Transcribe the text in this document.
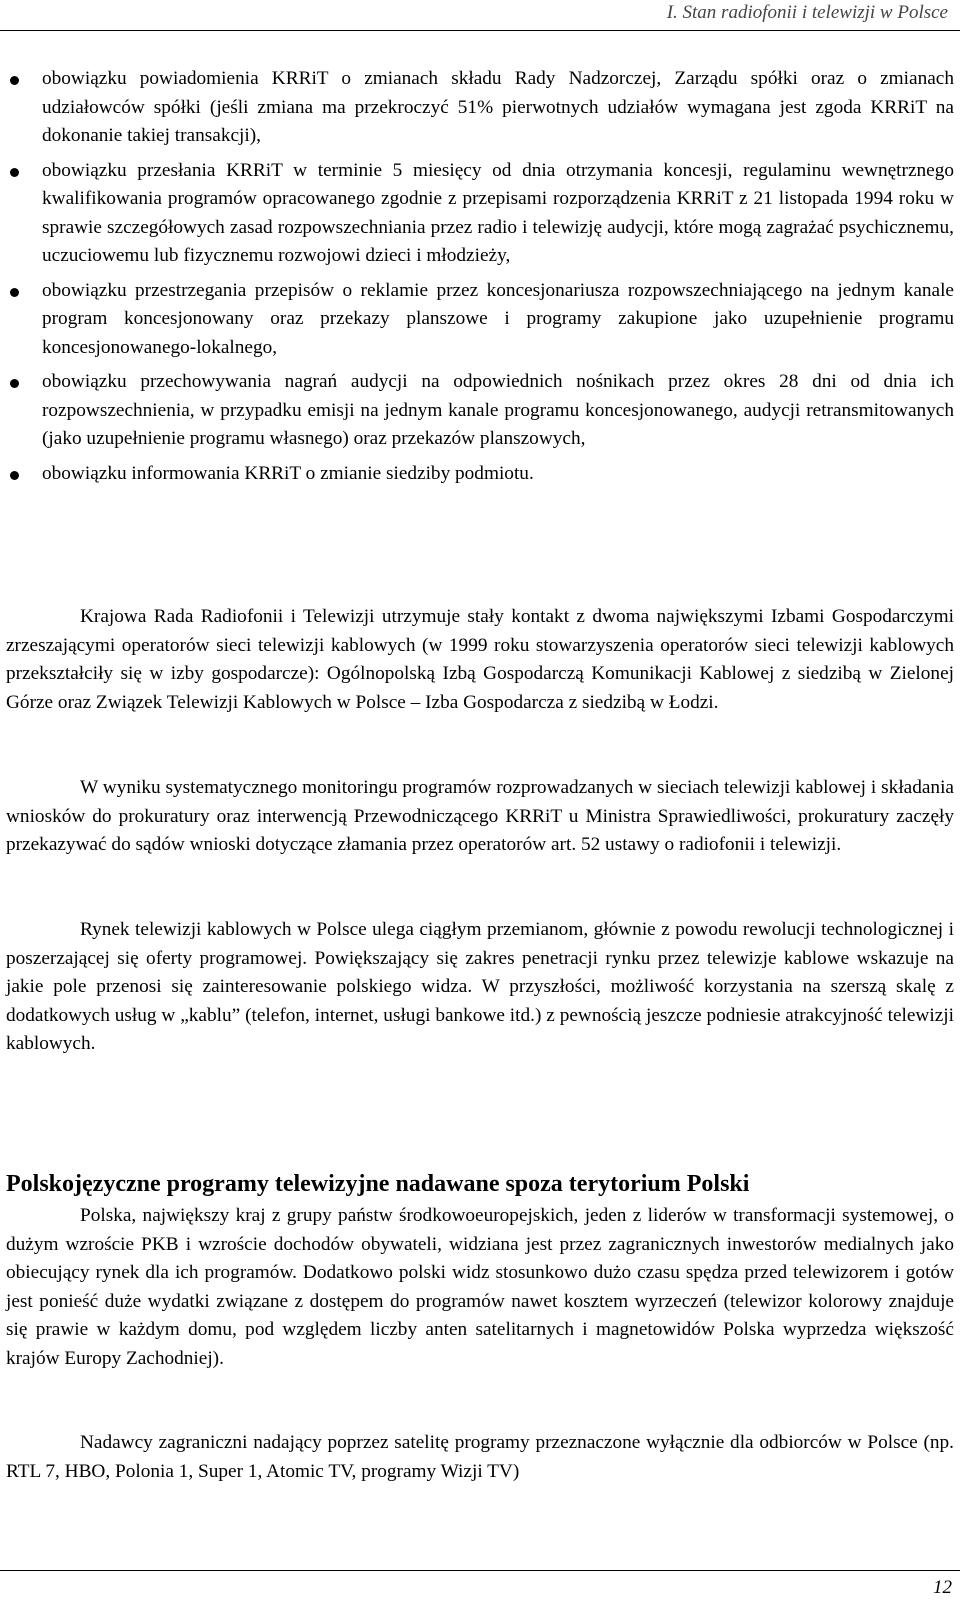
I. Stan radiofonii i telewizji w Polsce
obowiązku powiadomienia KRRiT o zmianach składu Rady Nadzorczej, Zarządu spółki oraz o zmianach udziałowców spółki (jeśli zmiana ma przekroczyć 51% pierwotnych udziałów wymagana jest zgoda KRRiT na dokonanie takiej transakcji),
obowiązku przesłania KRRiT w terminie 5 miesięcy od dnia otrzymania koncesji, regulaminu wewnętrznego kwalifikowania programów opracowanego zgodnie z przepisami rozporządzenia KRRiT z 21 listopada 1994 roku w sprawie szczegółowych zasad rozpowszechniania przez radio i telewizję audycji, które mogą zagrażać psychicznemu, uczuciowemu lub fizycznemu rozwojowi dzieci i młodzieży,
obowiązku przestrzegania przepisów o reklamie przez koncesjonariusza rozpowszechniającego na jednym kanale program koncesjonowany oraz przekazy planszowe i programy zakupione jako uzupełnienie programu koncesjonowanego-lokalnego,
obowiązku przechowywania nagrań audycji na odpowiednich nośnikach przez okres 28 dni od dnia ich rozpowszechnienia, w przypadku emisji na jednym kanale programu koncesjonowanego, audycji retransmitowanych (jako uzupełnienie programu własnego) oraz przekazów planszowych,
obowiązku informowania KRRiT o zmianie siedziby podmiotu.

Krajowa Rada Radiofonii i Telewizji utrzymuje stały kontakt z dwoma największymi Izbami Gospodarczymi zrzeszającymi operatorów sieci telewizji kablowych (w 1999 roku stowarzyszenia operatorów sieci telewizji kablowych przekształciły się w izby gospodarcze): Ogólnopolską Izbą Gospodarczą Komunikacji Kablowej z siedzibą w Zielonej Górze oraz Związek Telewizji Kablowych w Polsce – Izba Gospodarcza z siedzibą w Łodzi.

W wyniku systematycznego monitoringu programów rozprowadzanych w sieciach telewizji kablowej i składania wniosków do prokuratury oraz interwencją Przewodniczącego KRRiT u Ministra Sprawiedliwości, prokuratury zaczęły przekazywać do sądów wnioski dotyczące złamania przez operatorów art. 52 ustawy o radiofonii i telewizji.

Rynek telewizji kablowych w Polsce ulega ciągłym przemianom, głównie z powodu rewolucji technologicznej i poszerzającej się oferty programowej. Powiększający się zakres penetracji rynku przez telewizje kablowe wskazuje na jakie pole przenosi się zainteresowanie polskiego widza. W przyszłości, możliwość korzystania na szerszą skalę z dodatkowych usług w „kablu” (telefon, internet, usługi bankowe itd.) z pewnością jeszcze podniesie atrakcyjność telewizji kablowych.

Polskojęzyczne programy telewizyjne nadawane spoza terytorium Polski

Polska, największy kraj z grupy państw środkowoeuropejskich, jeden z liderów w transformacji systemowej, o dużym wzroście PKB i wzroście dochodów obywateli, widziana jest przez zagranicznych inwestorów medialnych jako obiecujący rynek dla ich programów. Dodatkowo polski widz stosunkowo dużo czasu spędza przed telewizorem i gotów jest ponieść duże wydatki związane z dostępem do programów nawet kosztem wyrzeczeń (telewizor kolorowy znajduje się prawie w każdym domu, pod względem liczby anten satelitarnych i magnetowidów Polska wyprzedza większość krajów Europy Zachodniej).

Nadawcy zagraniczni nadający poprzez satelitę programy przeznaczone wyłącznie dla odbiorców w Polsce (np. RTL 7, HBO, Polonia 1, Super 1, Atomic TV, programy Wizji TV)

12
